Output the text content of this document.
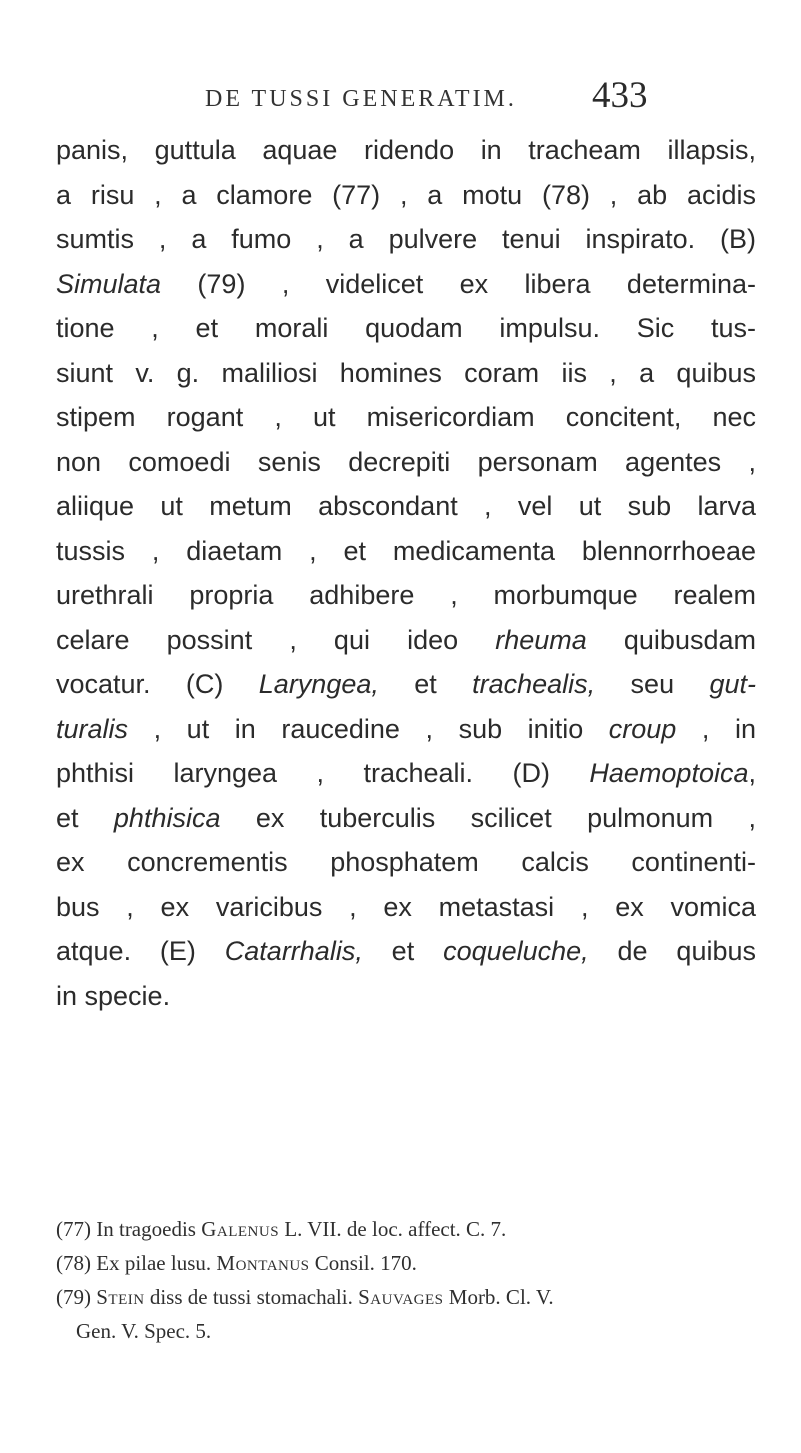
DE TUSSI GENERATIM. 433
panis, guttula aquae ridendo in tracheam illapsis,
a risu , a clamore (77) , a motu (78) , ab acidis
sumtis , a fumo , a pulvere tenui inspirato. (B)
Simulata (79) , videlicet ex libera determina-
tione , et morali quodam impulsu. Sic tus-
siunt v. g. maliliosi homines coram iis , a quibus
stipem rogant , ut misericordiam concitent, nec
non comoedi senis decrepiti personam agentes ,
aliique ut metum abscondant , vel ut sub larva
tussis , diaetam , et medicamenta blennorrhoeae
urethrali propria adhibere , morbumque realem
celare possint , qui ideo rheuma quibusdam
vocatur. (C) Laryngea, et trachealis, seu gut-
turalis , ut in raucedine , sub initio croup , in
phthisi laryngea , tracheali. (D) Haemoptoica,
et phthisica ex tuberculis scilicet pulmonum ,
ex concrementis phosphatem calcis continenti-
bus , ex varicibus , ex metastasi , ex vomica
atque. (E) Catarrhalis, et coqueluche, de quibus
in specie.
(77) In tragoedis Galenus L. VII. de loc. affect. C. 7.
(78) Ex pilae lusu. Montanus Consil. 170.
(79) Stein diss de tussi stomachali. Sauvages Morb. Cl. V.
Gen. V. Spec. 5.
